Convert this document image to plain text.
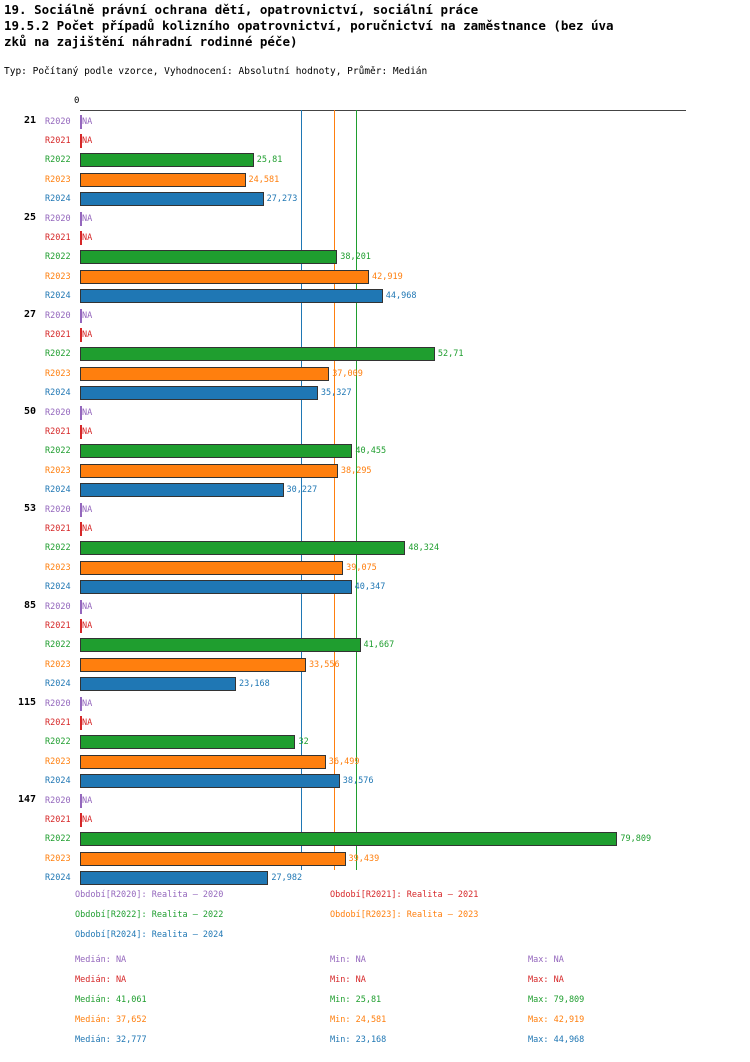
19. Sociálně právní ochrana dětí, opatrovnictví, sociální práce
19.5.2 Počet případů kolizního opatrovnictví, poručnictví na zaměstnance (bez úva
zků na zajištění náhradní rodinné péče)
Typ: Počítaný podle vzorce, Vyhodnocení: Absolutní hodnoty, Průměr: Medián
0
21 R2020	NA
R2021	NA
R2022	25,81
R2023	24,581
R2024	27,273
25 R2020	NA
R2021	NA
R2022	38,201
R2023	42,919
R2024	44,968
27 R2020	NA
R2021	NA
R2022	52,71
R2023	37,009
R2024	35,327
50 R2020	NA
R2021	NA
R2022	40,455
R2023	38,295
R2024	30,227
53 R2020	NA
R2021	NA
R2022	48,324
R2023	39,075
R2024	40,347
85 R2020	NA
R2021	NA
R2022	41,667
R2023	33,556
R2024	23,168
115 R2020	NA
R2021	NA
R2022	32
R2023	36,499
R2024	38,576
147 R2020	NA
R2021	NA
R2022	79,809
R2023	39,439
R2024	27,982
Období[R2020]: Realita – 2020	Období[R2021]: Realita – 2021
Období[R2022]: Realita – 2022	Období[R2023]: Realita – 2023
Období[R2024]: Realita – 2024
Medián: NA	Min: NA	Max: NA
Medián: NA	Min: NA	Max: NA
Medián: 41,061	Min: 25,81	Max: 79,809
Medián: 37,652	Min: 24,581	Max: 42,919
Medián: 32,777	Min: 23,168	Max: 44,968
